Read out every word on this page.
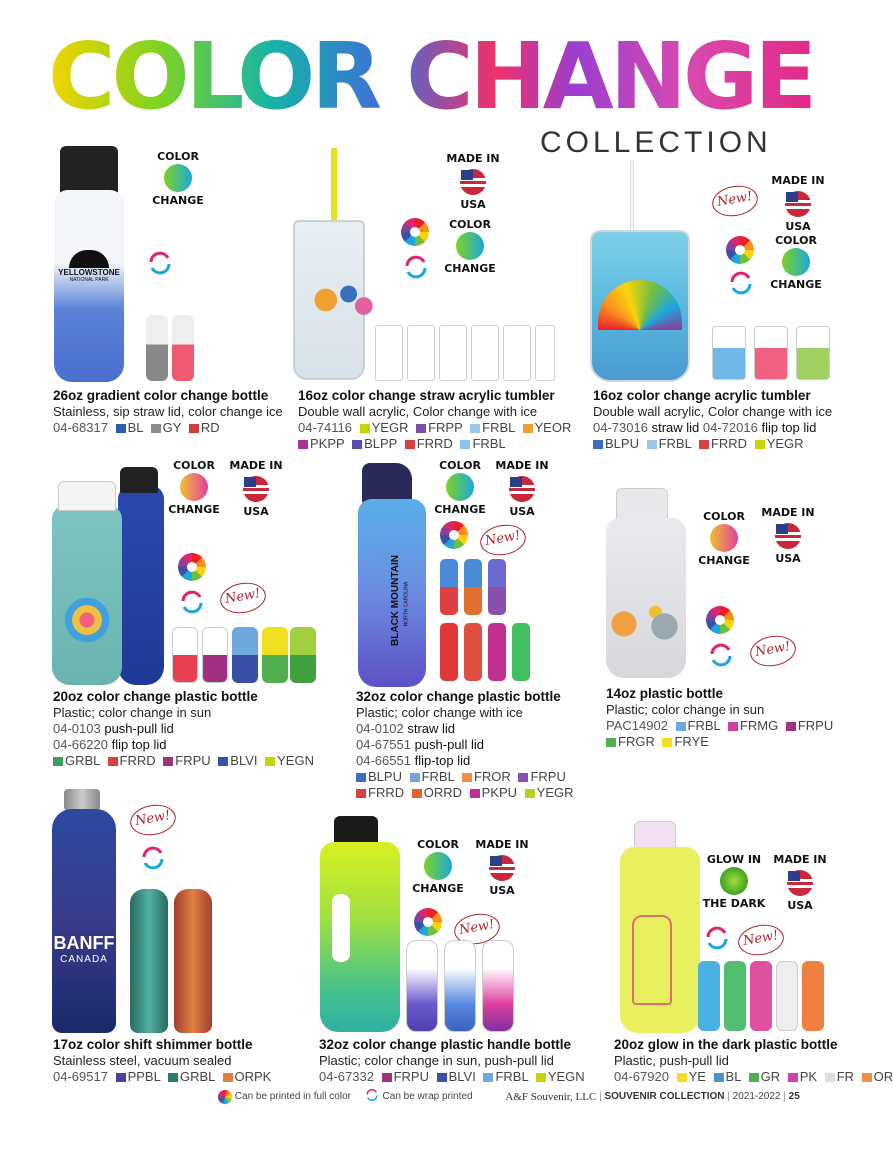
COLOR CHANGE
COLLECTION
YELLOWSTONE
NATIONAL PARK
COLOR
CHANGE
26oz gradient color change bottle
Stainless, sip straw lid, color change ice
04-68317 BL GY RD
MADE IN
USA
COLOR
CHANGE
16oz color change straw acrylic tumbler
Double wall acrylic, Color change with ice
04-74116 YEGR FRPP FRBL YEOR
PKPP BLPP FRRD FRBL
New!
MADE IN
USA
COLOR
CHANGE
16oz color change acrylic tumbler
Double wall acrylic, Color change with ice
04-73016 straw lid 04-72016 flip top lid
BLPU FRBL FRRD YEGR
COLOR
CHANGE
MADE IN
USA
New!
20oz color change plastic bottle
Plastic; color change in sun
04-0103 push-pull lid
04-66220 flip top lid
GRBL FRRD FRPU BLVI YEGN
BLACK MOUNTAIN NORTH CAROLINA
COLOR
CHANGE
MADE IN
USA
New!
32oz color change plastic bottle
Plastic; color change with ice
04-0102 straw lid
04-67551 push-pull lid
04-66551 flip-top lid
BLPU FRBL FROR FRPU
FRRD ORRD PKPU YEGR
COLOR
CHANGE
MADE IN
USA
New!
14oz plastic bottle
Plastic; color change in sun
PAC14902 FRBL FRMG FRPU
FRGR FRYE
BANFF
CANADA
New!
17oz color shift shimmer bottle
Stainless steel, vacuum sealed
04-69517 PPBL GRBL ORPK
COLOR
CHANGE
MADE IN
USA
New!
32oz color change plastic handle bottle
Plastic; color change in sun, push-pull lid
04-67332 FRPU BLVI FRBL YEGN
GLOW IN
THE DARK
MADE IN
USA
New!
20oz glow in the dark plastic bottle
Plastic, push-pull lid
04-67920 YE BL GR PK FR OR
Can be printed in full color	Can be wrap printed	A&F Souvenir, LLC | SOUVENIR COLLECTION | 2021-2022 | 25
